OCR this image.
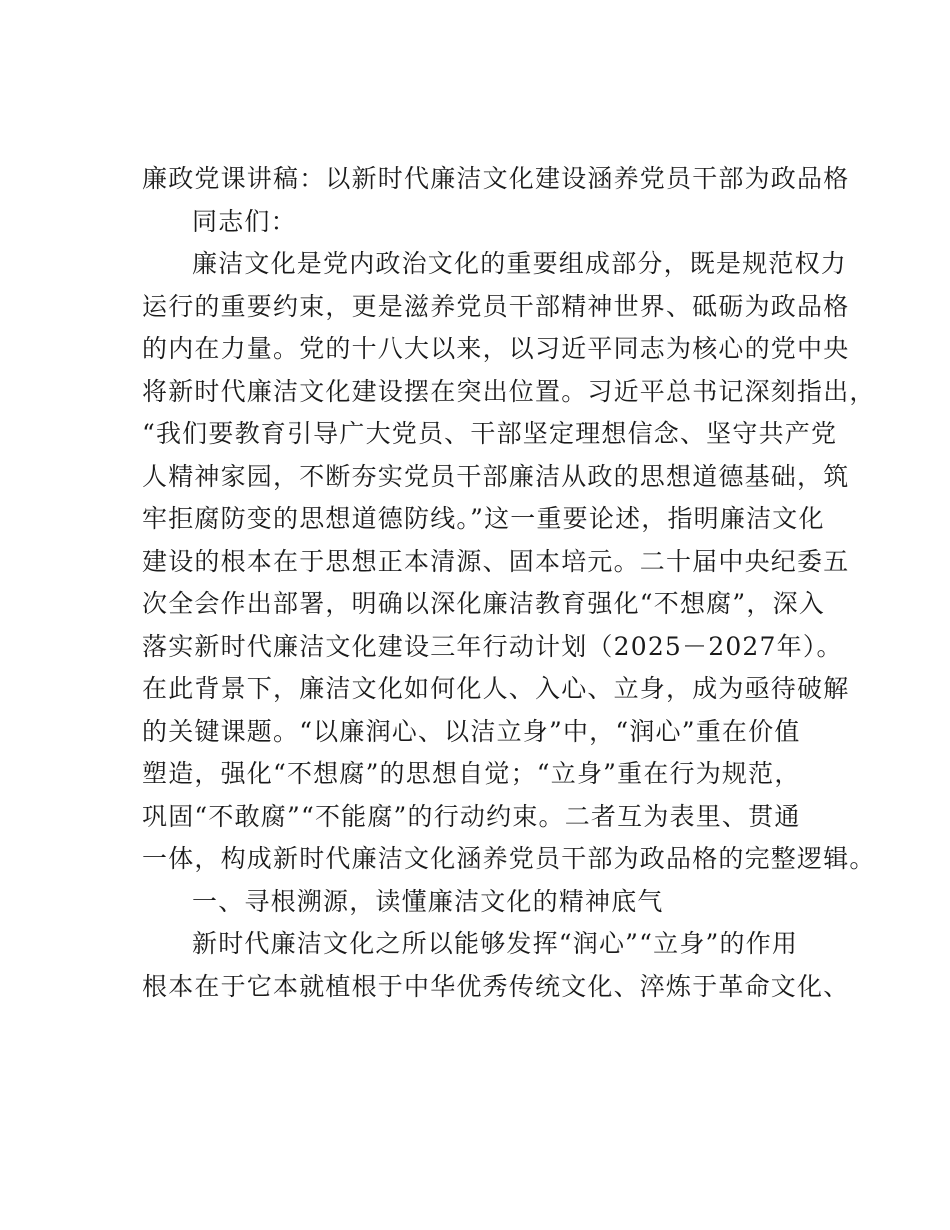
廉政党课讲稿：以新时代廉洁文化建设涵养党员干部为政品格
同志们：
廉洁文化是党内政治文化的重要组成部分，既是规范权力
运行的重要约束，更是滋养党员干部精神世界、砥砺为政品格
的内在力量。党的十八大以来，以习近平同志为核心的党中央
将新时代廉洁文化建设摆在突出位置。习近平总书记深刻指出，
“我们要教育引导广大党员、干部坚定理想信念、坚守共产党
人精神家园，不断夯实党员干部廉洁从政的思想道德基础，筑
牢拒腐防变的思想道德防线。”这一重要论述，指明廉洁文化
建设的根本在于思想正本清源、固本培元。二十届中央纪委五
次全会作出部署，明确以深化廉洁教育强化“不想腐”，深入
落实新时代廉洁文化建设三年行动计划（2025－2027年）。
在此背景下，廉洁文化如何化人、入心、立身，成为亟待破解
的关键课题。“以廉润心、以洁立身”中，“润心”重在价值
塑造，强化“不想腐”的思想自觉；“立身”重在行为规范，
巩固“不敢腐”“不能腐”的行动约束。二者互为表里、贯通
一体，构成新时代廉洁文化涵养党员干部为政品格的完整逻辑。
一、寻根溯源，读懂廉洁文化的精神底气
新时代廉洁文化之所以能够发挥“润心”“立身”的作用
根本在于它本就植根于中华优秀传统文化、淬炼于革命文化、
